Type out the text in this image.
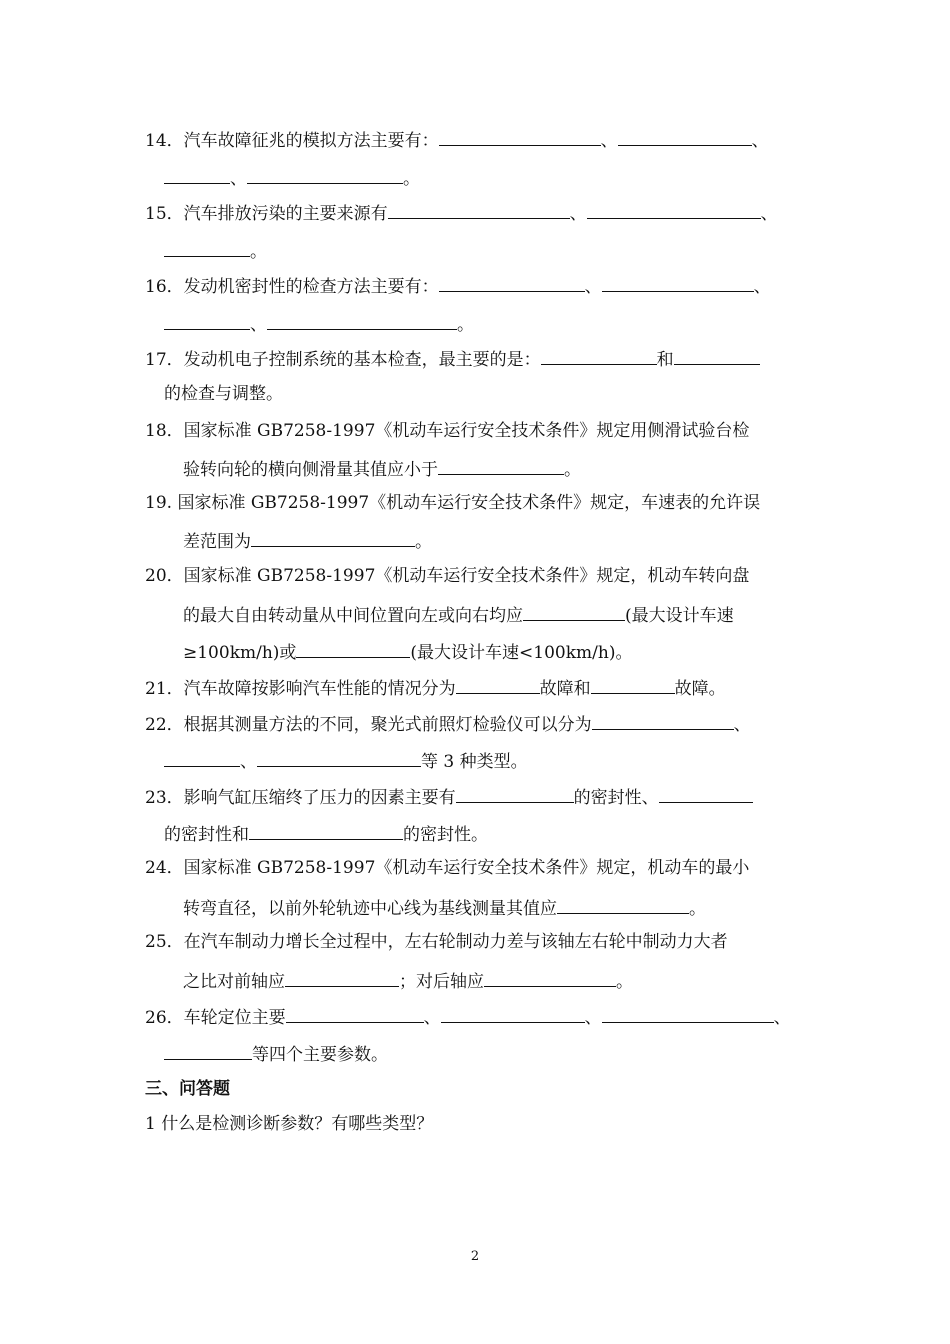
14．汽车故障征兆的模拟方法主要有：	、	、
、	。
15．汽车排放污染的主要来源有	、	、
。
16．发动机密封性的检查方法主要有：	、	、
、	。
17．发动机电子控制系统的基本检查，最主要的是：	和
的检查与调整。
18．国家标准 GB7258-1997《机动车运行安全技术条件》规定用侧滑试验台检
验转向轮的横向侧滑量其值应小于	。
19. 国家标准 GB7258-1997《机动车运行安全技术条件》规定，车速表的允许误
差范围为	。
20．国家标准 GB7258-1997《机动车运行安全技术条件》规定，机动车转向盘
的最大自由转动量从中间位置向左或向右均应	(最大设计车速
≥100km/h)或	(最大设计车速<100km/h)。
21．汽车故障按影响汽车性能的情况分为	故障和	故障。
22．根据其测量方法的不同，聚光式前照灯检验仪可以分为	、
、	等 3 种类型。
23．影响气缸压缩终了压力的因素主要有	的密封性、
的密封性和	的密封性。
24．国家标准 GB7258-1997《机动车运行安全技术条件》规定，机动车的最小
转弯直径，以前外轮轨迹中心线为基线测量其值应	。
25．在汽车制动力增长全过程中，左右轮制动力差与该轴左右轮中制动力大者
之比对前轴应	；对后轴应	。
26．车轮定位主要	、	、	、
等四个主要参数。
三、问答题
1 什么是检测诊断参数？有哪些类型？
2
